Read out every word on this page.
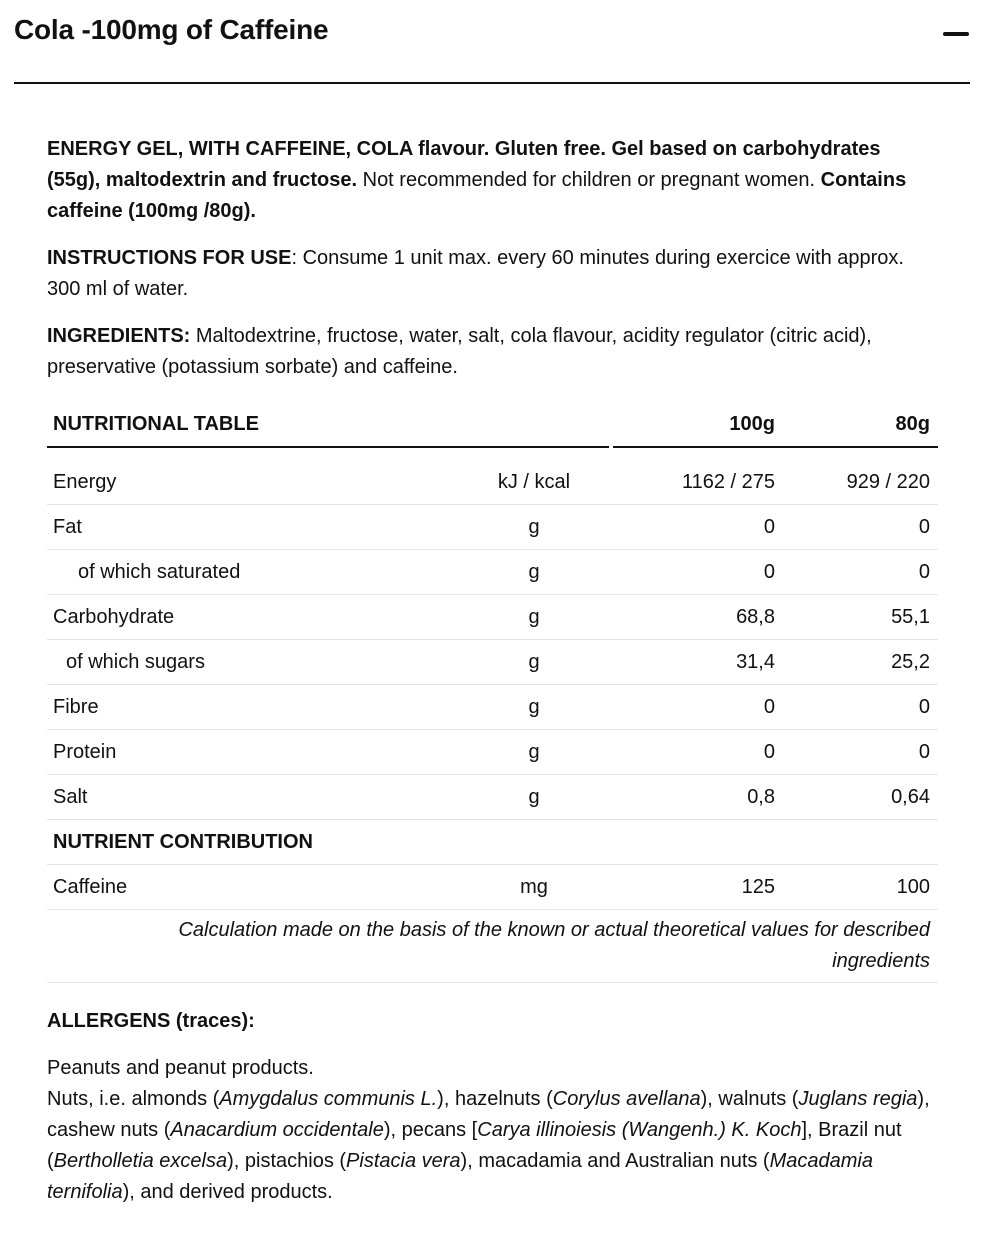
Cola -100mg of Caffeine

ENERGY GEL, WITH CAFFEINE, COLA flavour. Gluten free. Gel based on carbohydrates (55g), maltodextrin and fructose. Not recommended for children or pregnant women. Contains caffeine (100mg /80g).

INSTRUCTIONS FOR USE: Consume 1 unit max. every 60 minutes during exercice with approx. 300 ml of water.

INGREDIENTS: Maltodextrine, fructose, water, salt, cola flavour, acidity regulator (citric acid), preservative (potassium sorbate) and caffeine.

NUTRITIONAL TABLE			100g	80g

Energy	kJ / kcal		1162 / 275	929 / 220
Fat	g		0	0
of which saturated	g		0	0
Carbohydrate	g		68,8	55,1
of which sugars	g		31,4	25,2
Fibre	g		0	0
Protein	g		0	0
Salt	g		0,8	0,64
NUTRIENT CONTRIBUTION				
Caffeine	mg		125	100
Calculation made on the basis of the known or actual theoretical values for described ingredients				
ALLERGENS (traces):
Peanuts and peanut products.
Nuts, i.e. almonds (Amygdalus communis L.), hazelnuts (Corylus avellana), walnuts (Juglans regia), cashew nuts (Anacardium occidentale), pecans [Carya illinoiesis (Wangenh.) K. Koch], Brazil nut (Bertholletia excelsa), pistachios (Pistacia vera), macadamia and Australian nuts (Macadamia ternifolia), and derived products.
